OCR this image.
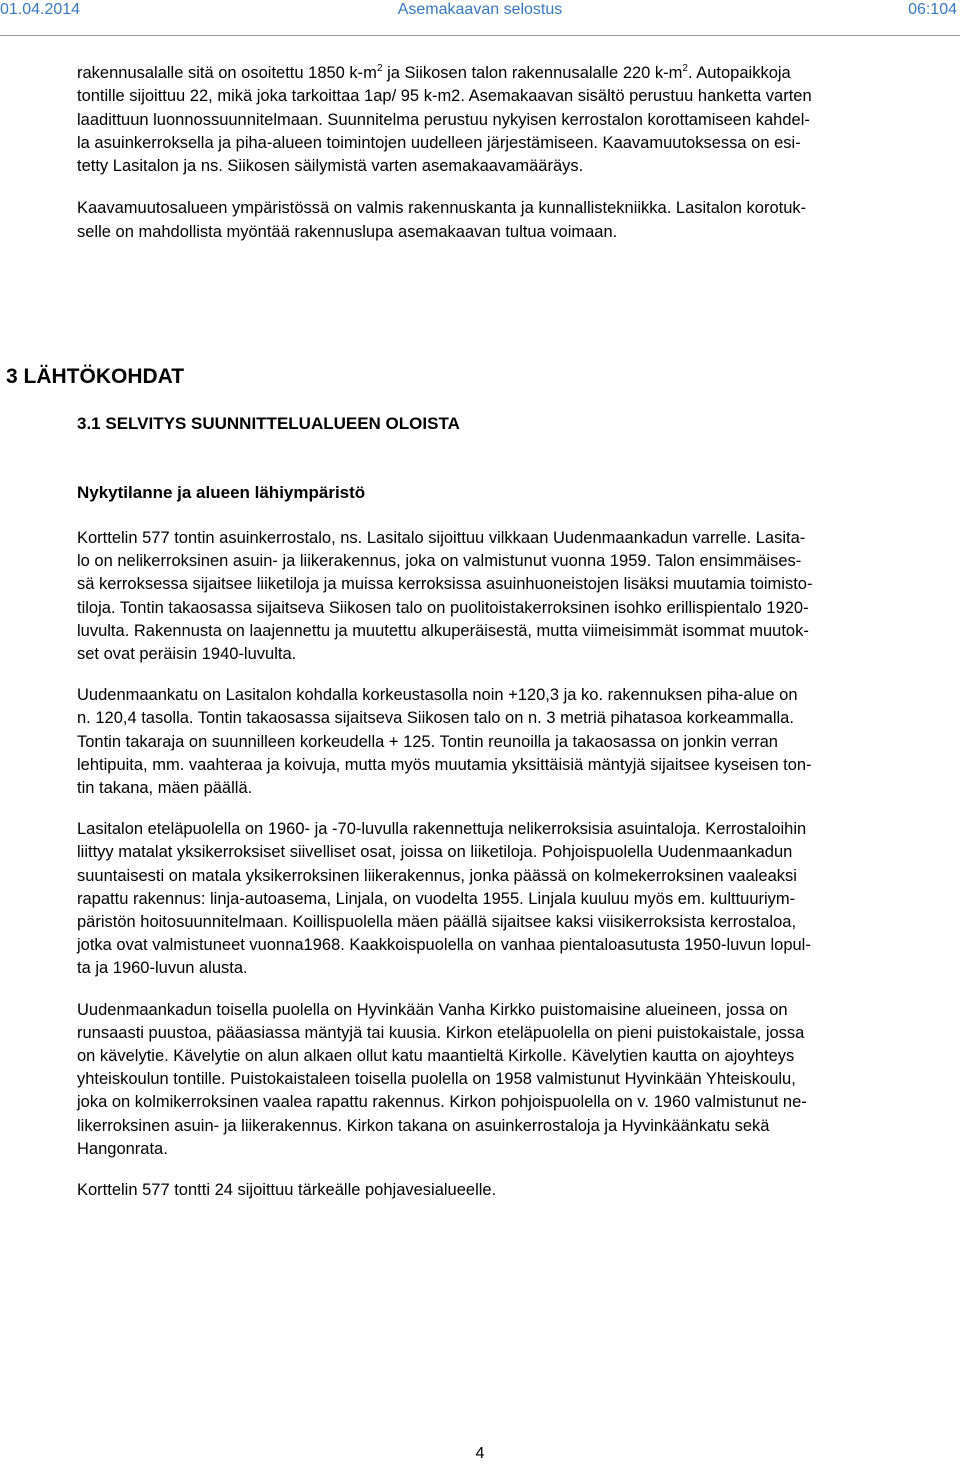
01.04.2014	Asemakaavan selostus	06:104

rakennusalalle sitä on osoitettu 1850 $k-m^2$ ja Siikosen talon rakennusalalle 220 $k-m^2$. Autopaikkoja
tontille sijoittuu 22, mikä joka tarkoittaa 1ap/ 95 k-m2. Asemakaavan sisältö perustuu hanketta varten
laadittuun luonnossuunnitelmaan. Suunnitelma perustuu nykyisen kerrostalon korottamiseen kahdel-
la asuinkerroksella ja piha-alueen toimintojen uudelleen järjestämiseen. Kaavamuutoksessa on esi-
tetty Lasitalon ja ns. Siikosen säilymistä varten asemakaavamääräys.

Kaavamuutosalueen ympäristössä on valmis rakennuskanta ja kunnallistekniikka. Lasitalon korotuk-
selle on mahdollista myöntää rakennuslupa asemakaavan tultua voimaan.

3 LÄHTÖKOHDAT
3.1 SELVITYS SUUNNITTELUALUEEN OLOISTA
Nykytilanne ja alueen lähiympäristö

Korttelin 577 tontin asuinkerrostalo, ns. Lasitalo sijoittuu vilkkaan Uudenmaankadun varrelle. Lasita-
lo on nelikerroksinen asuin- ja liikerakennus, joka on valmistunut vuonna 1959. Talon ensimmäises-
sä kerroksessa sijaitsee liiketiloja ja muissa kerroksissa asuinhuoneistojen lisäksi muutamia toimisto-
tiloja. Tontin takaosassa sijaitseva Siikosen talo on puolitoistakerroksinen isohko erillispientalo 1920-
luvulta. Rakennusta on laajennettu ja muutettu alkuperäisestä, mutta viimeisimmät isommat muutok-
set ovat peräisin 1940-luvulta.

Uudenmaankatu on Lasitalon kohdalla korkeustasolla noin +120,3 ja ko. rakennuksen piha-alue on
n. 120,4 tasolla. Tontin takaosassa sijaitseva Siikosen talo on n. 3 metriä pihatasoa korkeammalla.
Tontin takaraja on suunnilleen korkeudella + 125. Tontin reunoilla ja takaosassa on jonkin verran
lehtipuita, mm. vaahteraa ja koivuja, mutta myös muutamia yksittäisiä mäntyjä sijaitsee kyseisen ton-
tin takana, mäen päällä.

Lasitalon eteläpuolella on 1960- ja -70-luvulla rakennettuja nelikerroksisia asuintaloja. Kerrostaloihin
liittyy matalat yksikerroksiset siivelliset osat, joissa on liiketiloja. Pohjoispuolella Uudenmaankadun
suuntaisesti on matala yksikerroksinen liikerakennus, jonka päässä on kolmekerroksinen vaaleaksi
rapattu rakennus: linja-autoasema, Linjala, on vuodelta 1955. Linjala kuuluu myös em. kulttuuriym-
päristön hoitosuunnitelmaan. Koillispuolella mäen päällä sijaitsee kaksi viisikerroksista kerrostaloa,
jotka ovat valmistuneet vuonna1968. Kaakkoispuolella on vanhaa pientaloasutusta 1950-luvun lopul-
ta ja 1960-luvun alusta.

Uudenmaankadun toisella puolella on Hyvinkään Vanha Kirkko puistomaisine alueineen, jossa on
runsaasti puustoa, pääasiassa mäntyjä tai kuusia. Kirkon eteläpuolella on pieni puistokaistale, jossa
on kävelytie. Kävelytie on alun alkaen ollut katu maantieltä Kirkolle. Kävelytien kautta on ajoyhteys
yhteiskoulun tontille. Puistokaistaleen toisella puolella on 1958 valmistunut Hyvinkään Yhteiskoulu,
joka on kolmikerroksinen vaalea rapattu rakennus. Kirkon pohjoispuolella on v. 1960 valmistunut ne-
likerroksinen asuin- ja liikerakennus. Kirkon takana on asuinkerrostaloja ja Hyvinkäänkatu sekä
Hangonrata.

Korttelin 577 tontti 24 sijoittuu tärkeälle pohjavesialueelle.

4
